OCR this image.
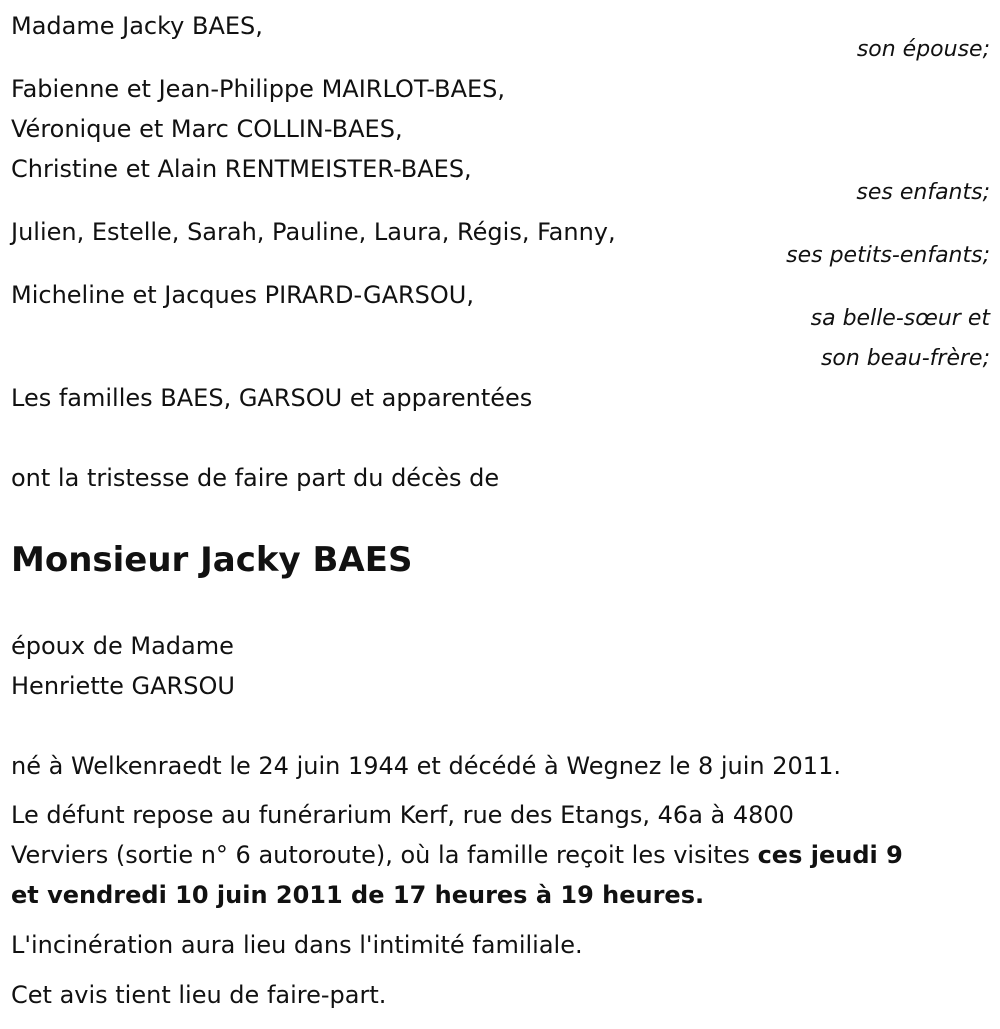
Madame Jacky BAES,
son épouse;
Fabienne et Jean-Philippe MAIRLOT-BAES,
Véronique et Marc COLLIN-BAES,
Christine et Alain RENTMEISTER-BAES,
ses enfants;
Julien, Estelle, Sarah, Pauline, Laura, Régis, Fanny,
ses petits-enfants;
Micheline et Jacques PIRARD-GARSOU,
sa belle-sœur et
son beau-frère;
Les familles BAES, GARSOU et apparentées
ont la tristesse de faire part du décès de
Monsieur Jacky BAES
époux de Madame
Henriette GARSOU
né à Welkenraedt le 24 juin 1944 et décédé à Wegnez le 8 juin 2011.
Le défunt repose au funérarium Kerf, rue des Etangs, 46a à 4800
Verviers (sortie n° 6 autoroute), où la famille reçoit les visites ces jeudi 9
et vendredi 10 juin 2011 de 17 heures à 19 heures.
L'incinération aura lieu dans l'intimité familiale.
Cet avis tient lieu de faire-part.
